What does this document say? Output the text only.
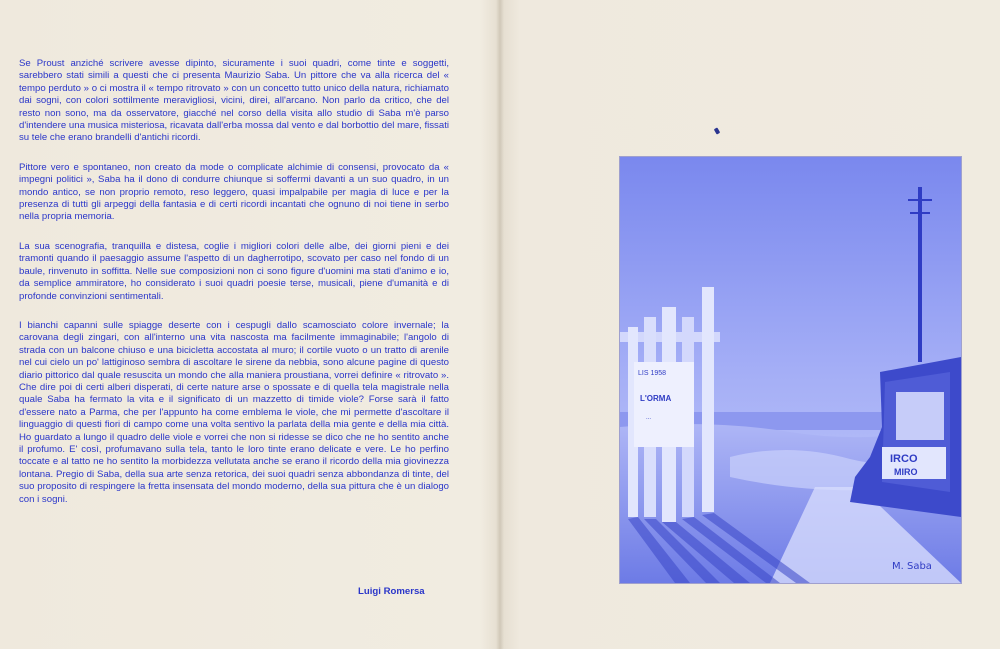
Se Proust anziché scrivere avesse dipinto, sicuramente i suoi quadri, come tinte e soggetti, sarebbero stati simili a questi che ci presenta Maurizio Saba. Un pittore che va alla ricerca del « tempo perduto » o ci mostra il « tempo ritrovato » con un concetto tutto unico della natura, richiamato dai sogni, con colori sottilmente meravigliosi, vicini, direi, all'arcano. Non parlo da critico, che del resto non sono, ma da osservatore, giacché nel corso della visita allo studio di Saba m'è parso d'intendere una musica misteriosa, ricavata dall'erba mossa dal vento e dal borbottio del mare, fissati su tele che erano brandelli d'antichi ricordi.

Pittore vero e spontaneo, non creato da mode o complicate alchimie di consensi, provocato da « impegni politici », Saba ha il dono di condurre chiunque si soffermi davanti a un suo quadro, in un mondo antico, se non proprio remoto, reso leggero, quasi impalpabile per magia di luce e per la presenza di tutti gli arpeggi della fantasia e di certi ricordi incantati che ognuno di noi tiene in serbo nella propria memoria.

La sua scenografia, tranquilla e distesa, coglie i migliori colori delle albe, dei giorni pieni e dei tramonti quando il paesaggio assume l'aspetto di un dagherrotipo, scovato per caso nel fondo di un baule, rinvenuto in soffitta. Nelle sue composizioni non ci sono figure d'uomini ma stati d'animo e io, da semplice ammiratore, ho considerato i suoi quadri poesie terse, musicali, piene d'umanità e di profonde convinzioni sentimentali.

I bianchi capanni sulle spiagge deserte con i cespugli dallo scamosciato colore invernale; la carovana degli zingari, con all'interno una vita nascosta ma facilmente immaginabile; l'angolo di strada con un balcone chiuso e una bicicletta accostata al muro; il cortile vuoto o un tratto di arenile nel cui cielo un po' lattiginoso sembra di ascoltare le sirene da nebbia, sono alcune pagine di questo diario pittorico dal quale resuscita un mondo che alla maniera proustiana, vorrei definire « ritrovato ». Che dire poi di certi alberi disperati, di certe nature arse o spossate e di quella tela magistrale nella quale Saba ha fermato la vita e il significato di un mazzetto di timide viole? Forse sarà il fatto d'essere nato a Parma, che per l'appunto ha come emblema le viole, che mi permette d'ascoltare il linguaggio di questi fiori di campo come una volta sentivo la parlata della mia gente e della mia città. Ho guardato a lungo il quadro delle viole e vorrei che non si ridesse se dico che ne ho sentito anche il profumo. E' così, profumavano sulla tela, tanto le loro tinte erano delicate e vere. Le ho perfino toccate e al tatto ne ho sentito la morbidezza vellutata anche se erano il ricordo della mia giovinezza lontana. Pregio di Saba, della sua arte senza retorica, dei suoi quadri senza abbondanza di tinte, del suo proposito di respingere la fretta insensata del mondo moderno, della sua pittura che è un dialogo con i sogni.

Luigi Romersa
IRCO
MIRO
LIS 1958
L'ORMA
...
M. Saba
